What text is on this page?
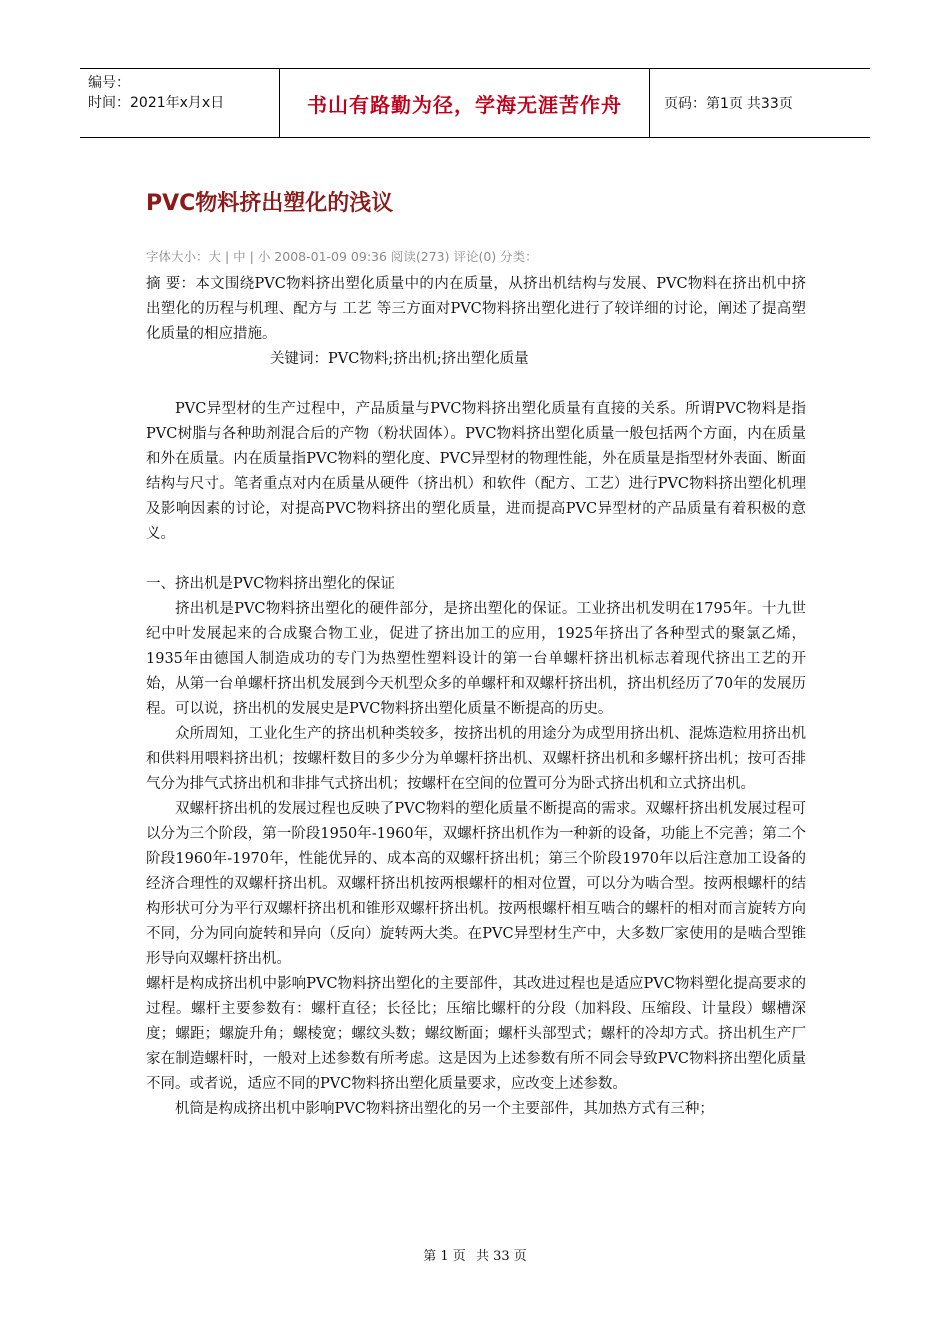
编号：
时间：2021年x月x日	书山有路勤为径，学海无涯苦作舟	页码：第1页 共33页
PVC物料挤出塑化的浅议
字体大小：大 | 中 | 小 2008-01-09 09:36 阅读(273) 评论(0) 分类：

摘 要：本文围绕PVC物料挤出塑化质量中的内在质量，从挤出机结构与发展、PVC物料在挤出机中挤出塑化的历程与机理、配方与 工艺 等三方面对PVC物料挤出塑化进行了较详细的讨论，阐述了提高塑化质量的相应措施。

关键词：PVC物料;挤出机;挤出塑化质量

PVC异型材的生产过程中，产品质量与PVC物料挤出塑化质量有直接的关系。所谓PVC物料是指PVC树脂与各种助剂混合后的产物（粉状固体）。PVC物料挤出塑化质量一般包括两个方面，内在质量和外在质量。内在质量指PVC物料的塑化度、PVC异型材的物理性能，外在质量是指型材外表面、断面结构与尺寸。笔者重点对内在质量从硬件（挤出机）和软件（配方、工艺）进行PVC物料挤出塑化机理及影响因素的讨论，对提高PVC物料挤出的塑化质量，进而提高PVC异型材的产品质量有着积极的意义。

一、挤出机是PVC物料挤出塑化的保证

挤出机是PVC物料挤出塑化的硬件部分，是挤出塑化的保证。工业挤出机发明在1795年。十九世纪中叶发展起来的合成聚合物工业，促进了挤出加工的应用，1925年挤出了各种型式的聚氯乙烯，1935年由德国人制造成功的专门为热塑性塑料设计的第一台单螺杆挤出机标志着现代挤出工艺的开始，从第一台单螺杆挤出机发展到今天机型众多的单螺杆和双螺杆挤出机，挤出机经历了70年的发展历程。可以说，挤出机的发展史是PVC物料挤出塑化质量不断提高的历史。

众所周知，工业化生产的挤出机种类较多，按挤出机的用途分为成型用挤出机、混炼造粒用挤出机和供料用喂料挤出机；按螺杆数目的多少分为单螺杆挤出机、双螺杆挤出机和多螺杆挤出机；按可否排气分为排气式挤出机和非排气式挤出机；按螺杆在空间的位置可分为卧式挤出机和立式挤出机。

双螺杆挤出机的发展过程也反映了PVC物料的塑化质量不断提高的需求。双螺杆挤出机发展过程可以分为三个阶段，第一阶段1950年-1960年，双螺杆挤出机作为一种新的设备，功能上不完善；第二个阶段1960年-1970年，性能优异的、成本高的双螺杆挤出机；第三个阶段1970年以后注意加工设备的经济合理性的双螺杆挤出机。双螺杆挤出机按两根螺杆的相对位置，可以分为啮合型。按两根螺杆的结构形状可分为平行双螺杆挤出机和锥形双螺杆挤出机。按两根螺杆相互啮合的螺杆的相对而言旋转方向不同，分为同向旋转和异向（反向）旋转两大类。在PVC异型材生产中，大多数厂家使用的是啮合型锥形导向双螺杆挤出机。

螺杆是构成挤出机中影响PVC物料挤出塑化的主要部件，其改进过程也是适应PVC物料塑化提高要求的过程。螺杆主要参数有：螺杆直径；长径比；压缩比螺杆的分段（加料段、压缩段、计量段）螺槽深度；螺距；螺旋升角；螺棱宽；螺纹头数；螺纹断面；螺杆头部型式；螺杆的冷却方式。挤出机生产厂家在制造螺杆时，一般对上述参数有所考虑。这是因为上述参数有所不同会导致PVC物料挤出塑化质量不同。或者说，适应不同的PVC物料挤出塑化质量要求，应改变上述参数。

机筒是构成挤出机中影响PVC物料挤出塑化的另一个主要部件，其加热方式有三种；

第 1 页 共 33 页
